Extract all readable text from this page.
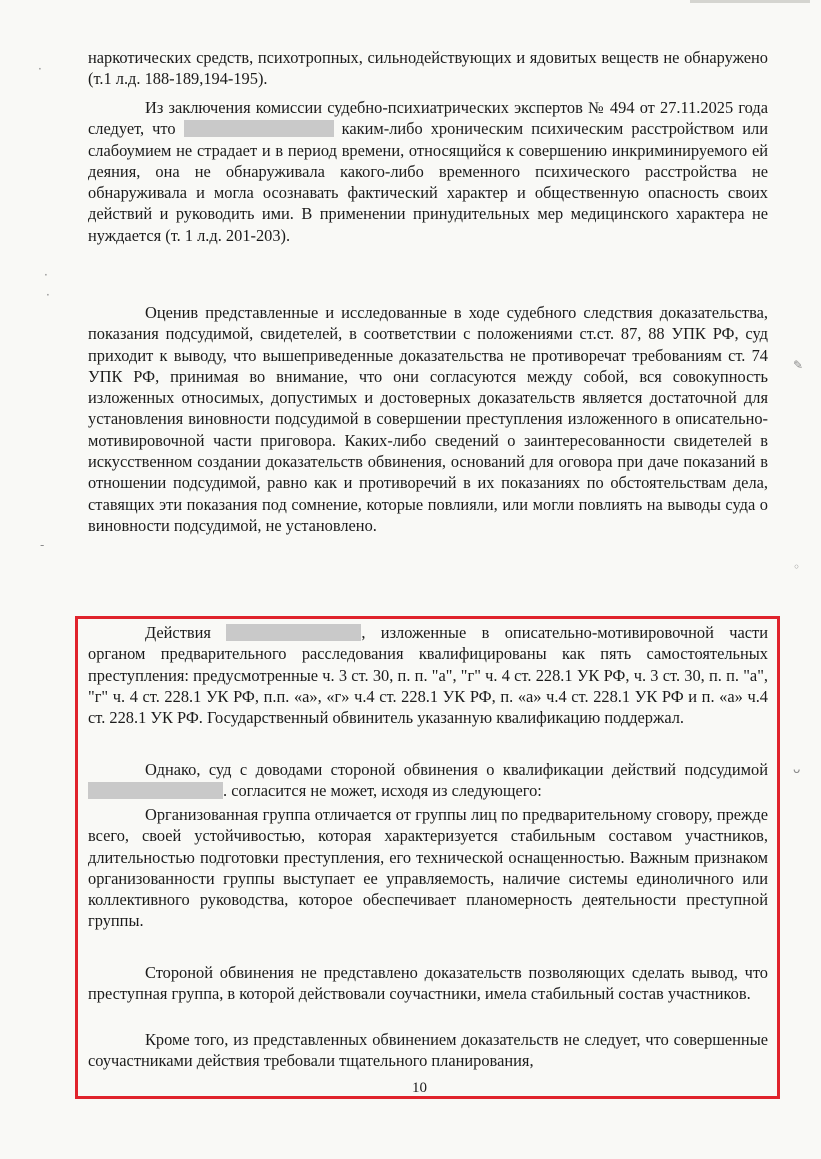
·
·
·
-
✎
◦
ᴗ

наркотических средств, психотропных, сильнодействующих и ядовитых веществ не обнаружено (т.1 л.д. 188-189,194-195).

Из заключения комиссии судебно-психиатрических экспертов № 494 от 27.11.2025 года следует, что	каким-либо хроническим психическим расстройством или слабоумием не страдает и в период времени, относящийся к совершению инкриминируемого ей деяния, она не обнаруживала какого-либо временного психического расстройства не обнаруживала и могла осознавать фактический характер и общественную опасность своих действий и руководить ими. В применении принудительных мер медицинского характера не нуждается (т. 1 л.д. 201-203).

Оценив представленные и исследованные в ходе судебного следствия доказательства, показания подсудимой, свидетелей, в соответствии с положениями ст.ст. 87, 88 УПК РФ, суд приходит к выводу, что вышеприведенные доказательства не противоречат требованиям ст. 74 УПК РФ, принимая во внимание, что они согласуются между собой, вся совокупность изложенных относимых, допустимых и достоверных доказательств является достаточной для установления виновности подсудимой в совершении преступления изложенного в описательно-мотивировочной части приговора. Каких-либо сведений о заинтересованности свидетелей в искусственном создании доказательств обвинения, оснований для оговора при даче показаний в отношении подсудимой, равно как и противоречий в их показаниях по обстоятельствам дела, ставящих эти показания под сомнение, которые повлияли, или могли повлиять на выводы суда о виновности подсудимой, не установлено.

Действия	, изложенные в описательно-мотивировочной части органом предварительного расследования квалифицированы как пять самостоятельных преступления: предусмотренные ч. 3 ст. 30, п. п. "а", "г" ч. 4 ст. 228.1 УК РФ, ч. 3 ст. 30, п. п. "а", "г" ч. 4 ст. 228.1 УК РФ, п.п. «а», «г» ч.4 ст. 228.1 УК РФ, п. «а» ч.4 ст. 228.1 УК РФ и п. «а» ч.4 ст. 228.1 УК РФ. Государственный обвинитель указанную квалификацию поддержал.

Однако, суд с доводами стороной обвинения о квалификации действий подсудимой . согласится не может, исходя из следующего:

Организованная группа отличается от группы лиц по предварительному сговору, прежде всего, своей устойчивостью, которая характеризуется стабильным составом участников, длительностью подготовки преступления, его технической оснащенностью. Важным признаком организованности группы выступает ее управляемость, наличие системы единоличного или коллективного руководства, которое обеспечивает планомерность деятельности преступной группы.

Стороной обвинения не представлено доказательств позволяющих сделать вывод, что преступная группа, в которой действовали соучастники, имела стабильный состав участников.

Кроме того, из представленных обвинением доказательств не следует, что совершенные соучастниками действия требовали тщательного планирования,

10
